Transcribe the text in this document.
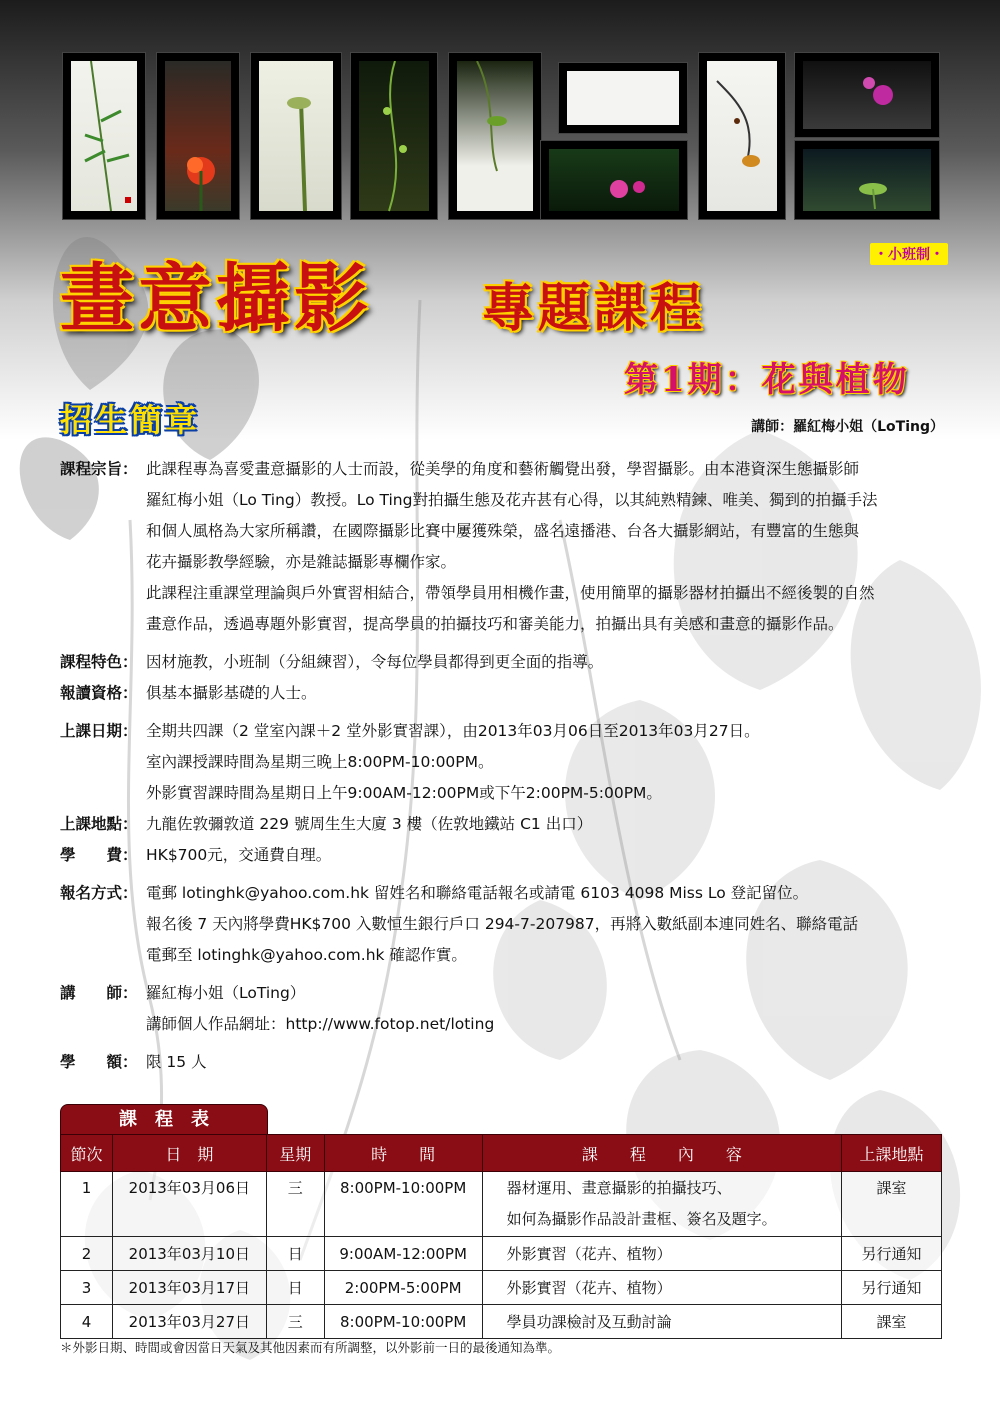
・小班制・
畫意攝影 專題課程
第1期：花與植物
招生簡章	講師：羅紅梅小姐（LoTing）
課程宗旨： 此課程專為喜愛畫意攝影的人士而設，從美學的角度和藝術觸覺出發，學習攝影。由本港資深生態攝影師
羅紅梅小姐（Lo Ting）教授。Lo Ting對拍攝生態及花卉甚有心得，以其純熟精鍊、唯美、獨到的拍攝手法
和個人風格為大家所稱讚，在國際攝影比賽中屢獲殊榮，盛名遠播港、台各大攝影網站，有豐富的生態與
花卉攝影教學經驗，亦是雜誌攝影專欄作家。
此課程注重課堂理論與戶外實習相結合，帶領學員用相機作畫，使用簡單的攝影器材拍攝出不經後製的自然
畫意作品，透過專題外影實習，提高學員的拍攝技巧和審美能力，拍攝出具有美感和畫意的攝影作品。
課程特色： 因材施教，小班制（分組練習），令每位學員都得到更全面的指導。
報讀資格： 俱基本攝影基礎的人士。
上課日期： 全期共四課（2 堂室內課＋2 堂外影實習課），由2013年03月06日至2013年03月27日。
室內課授課時間為星期三晚上8:00PM-10:00PM。
外影實習課時間為星期日上午9:00AM-12:00PM或下午2:00PM-5:00PM。
上課地點： 九龍佐敦彌敦道 229 號周生生大廈 3 樓（佐敦地鐵站 C1 出口）
學　　費： HK$700元，交通費自理。
報名方式： 電郵 lotinghk@yahoo.com.hk 留姓名和聯絡電話報名或請電 6103 4098 Miss Lo 登記留位。
報名後 7 天內將學費HK$700 入數恒生銀行戶口 294-7-207987，再將入數紙副本連同姓名、聯絡電話
電郵至 lotinghk@yahoo.com.hk 確認作實。
講　　師： 羅紅梅小姐（LoTing）
講師個人作品網址：http://www.fotop.net/loting
學　　額： 限 15 人
課程表
節次	日　期	星期	時　　間	課　　程　　內　　容	上課地點
1	2013年03月06日	三	8:00PM-10:00PM	器材運用、畫意攝影的拍攝技巧、
如何為攝影作品設計畫框、簽名及題字。	課室
2	2013年03月10日	日	9:00AM-12:00PM	外影實習（花卉、植物）	另行通知
3	2013年03月17日	日	2:00PM-5:00PM	外影實習（花卉、植物）	另行通知
4	2013年03月27日	三	8:00PM-10:00PM	學員功課檢討及互動討論	課室
＊外影日期、時間或會因當日天氣及其他因素而有所調整，以外影前一日的最後通知為準。
